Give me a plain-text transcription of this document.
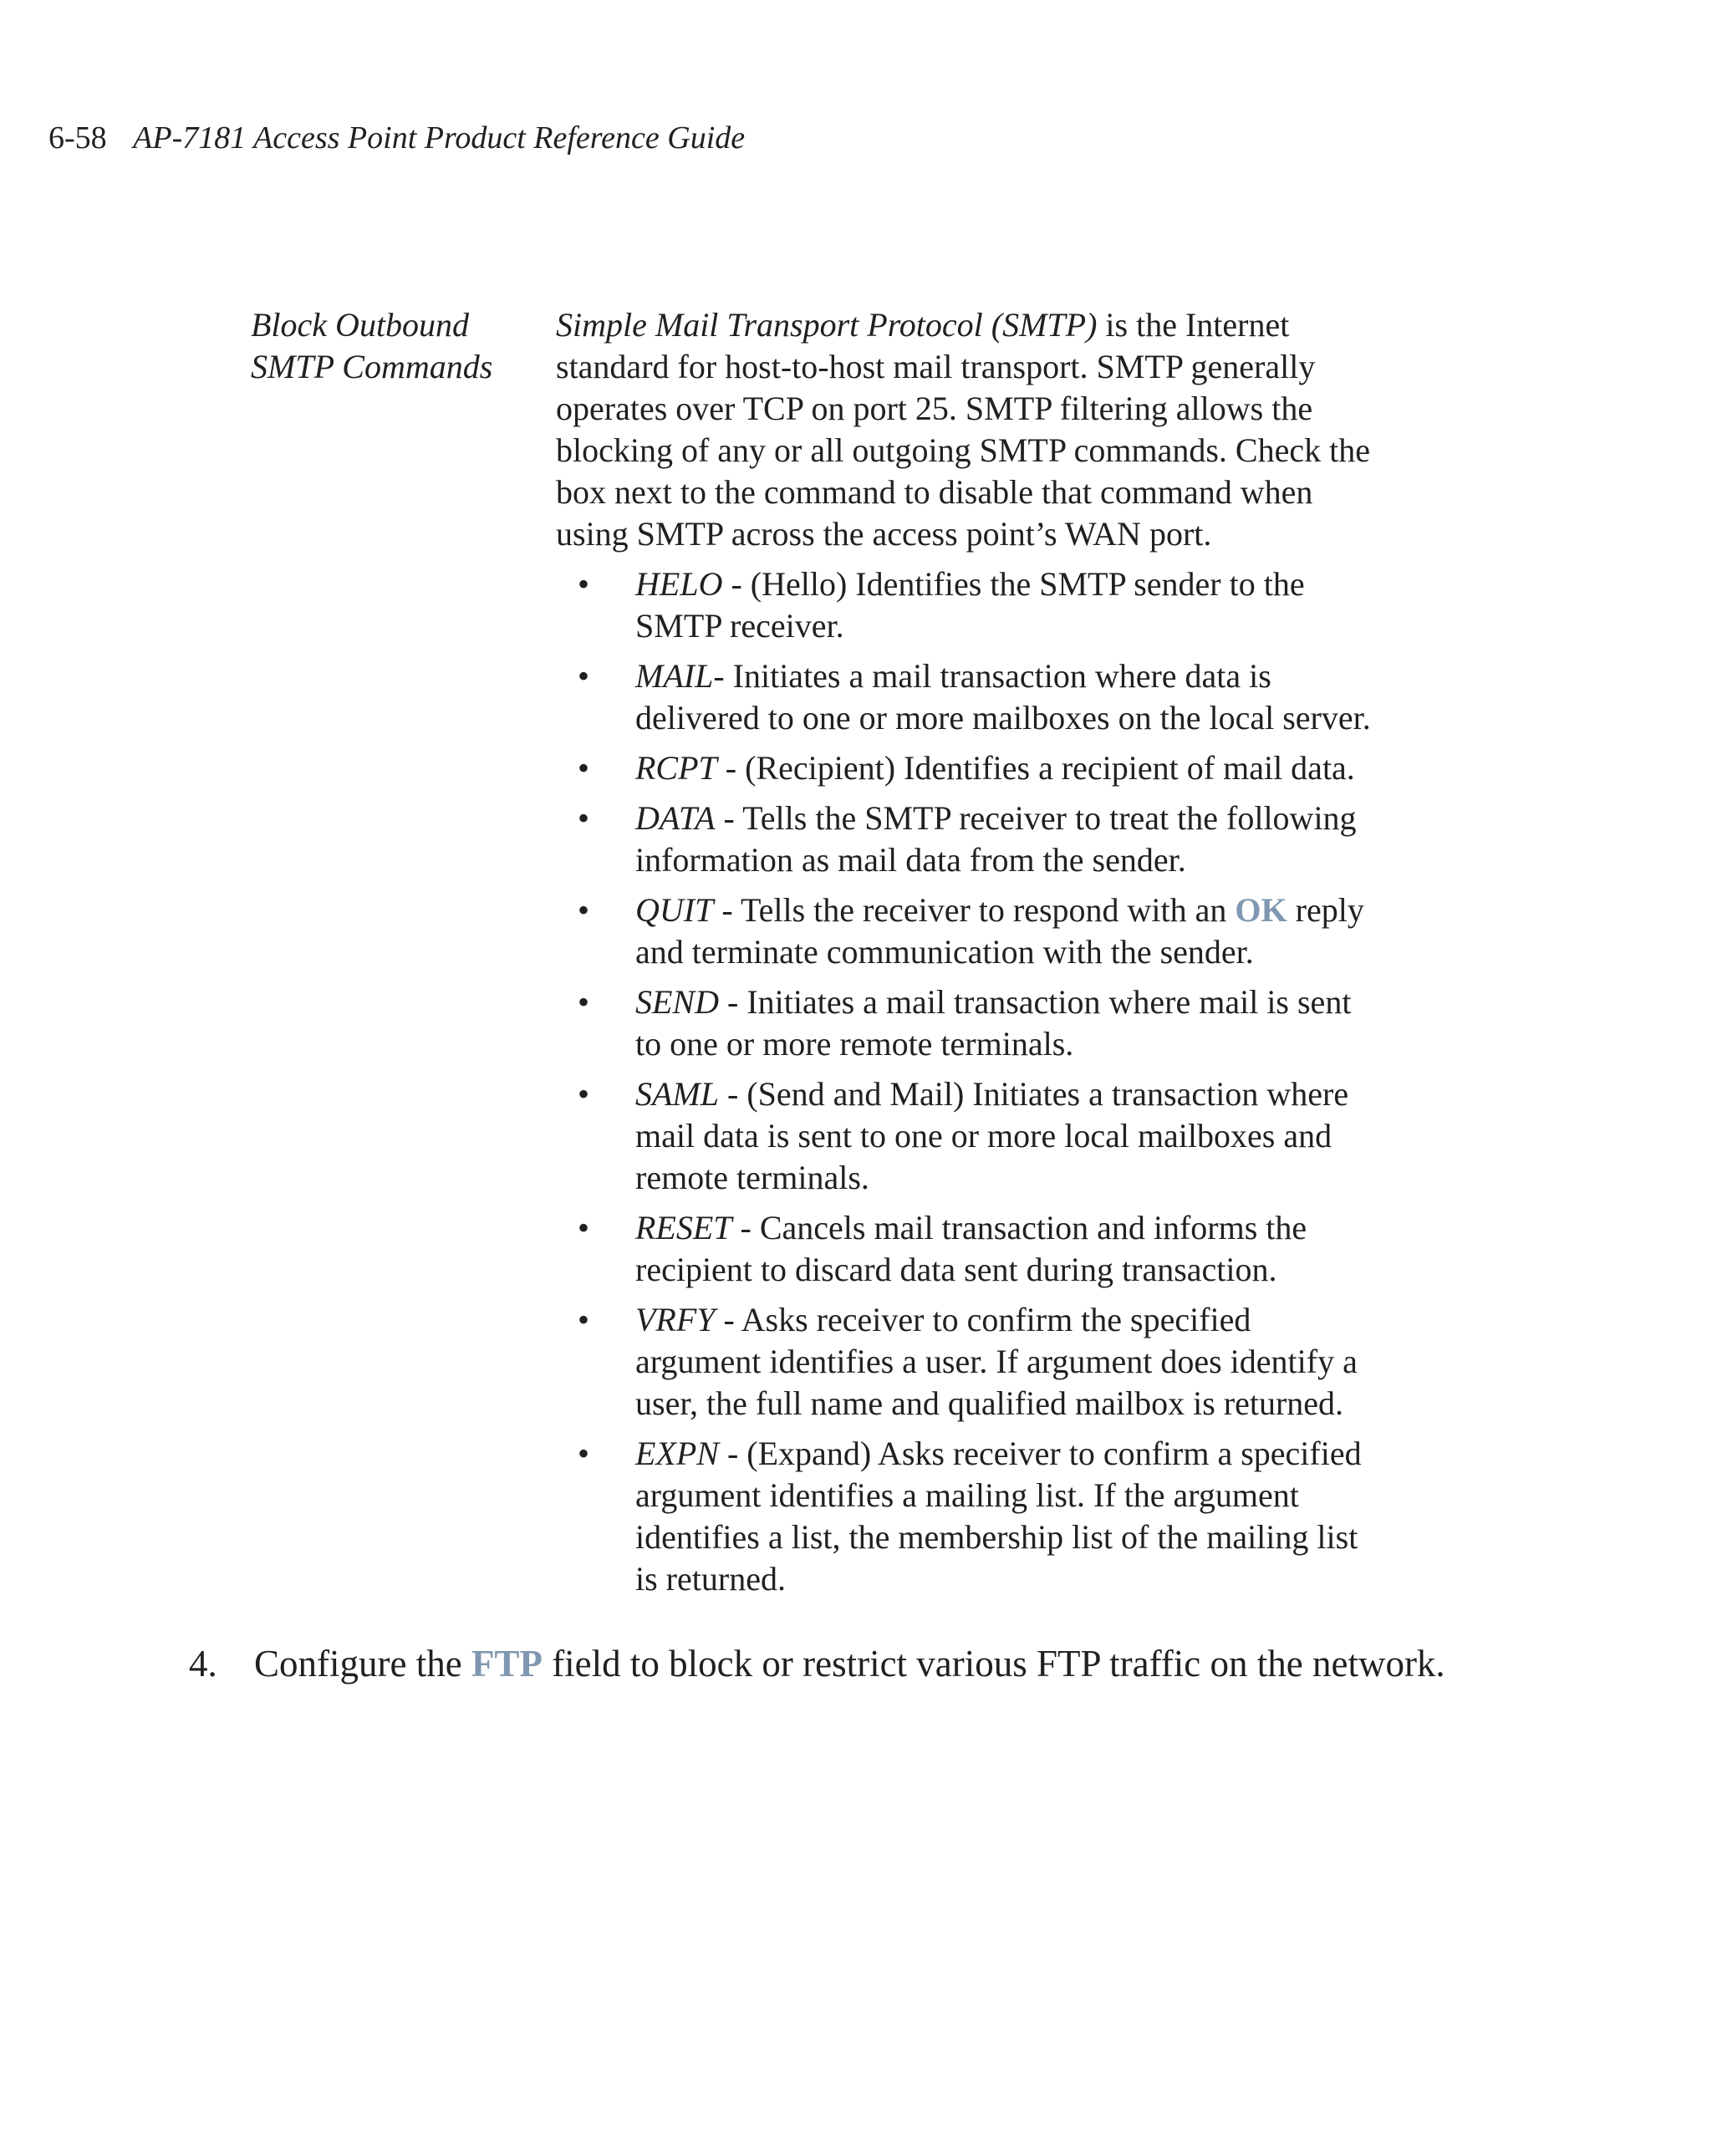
6-58 AP-7181 Access Point Product Reference Guide
Block Outbound
SMTP Commands
Simple Mail Transport Protocol (SMTP) is the Internet
standard for host-to-host mail transport. SMTP generally
operates over TCP on port 25. SMTP filtering allows the
blocking of any or all outgoing SMTP commands. Check the
box next to the command to disable that command when
using SMTP across the access point’s WAN port.
• HELO - (Hello) Identifies the SMTP sender to the
SMTP receiver.
• MAIL- Initiates a mail transaction where data is
delivered to one or more mailboxes on the local server.
• RCPT - (Recipient) Identifies a recipient of mail data.
• DATA - Tells the SMTP receiver to treat the following
information as mail data from the sender.
• QUIT - Tells the receiver to respond with an OK reply
and terminate communication with the sender.
• SEND - Initiates a mail transaction where mail is sent
to one or more remote terminals.
• SAML - (Send and Mail) Initiates a transaction where
mail data is sent to one or more local mailboxes and
remote terminals.
• RESET - Cancels mail transaction and informs the
recipient to discard data sent during transaction.
• VRFY - Asks receiver to confirm the specified
argument identifies a user. If argument does identify a
user, the full name and qualified mailbox is returned.
• EXPN - (Expand) Asks receiver to confirm a specified
argument identifies a mailing list. If the argument
identifies a list, the membership list of the mailing list
is returned.
4. Configure the FTP field to block or restrict various FTP traffic on the network.
